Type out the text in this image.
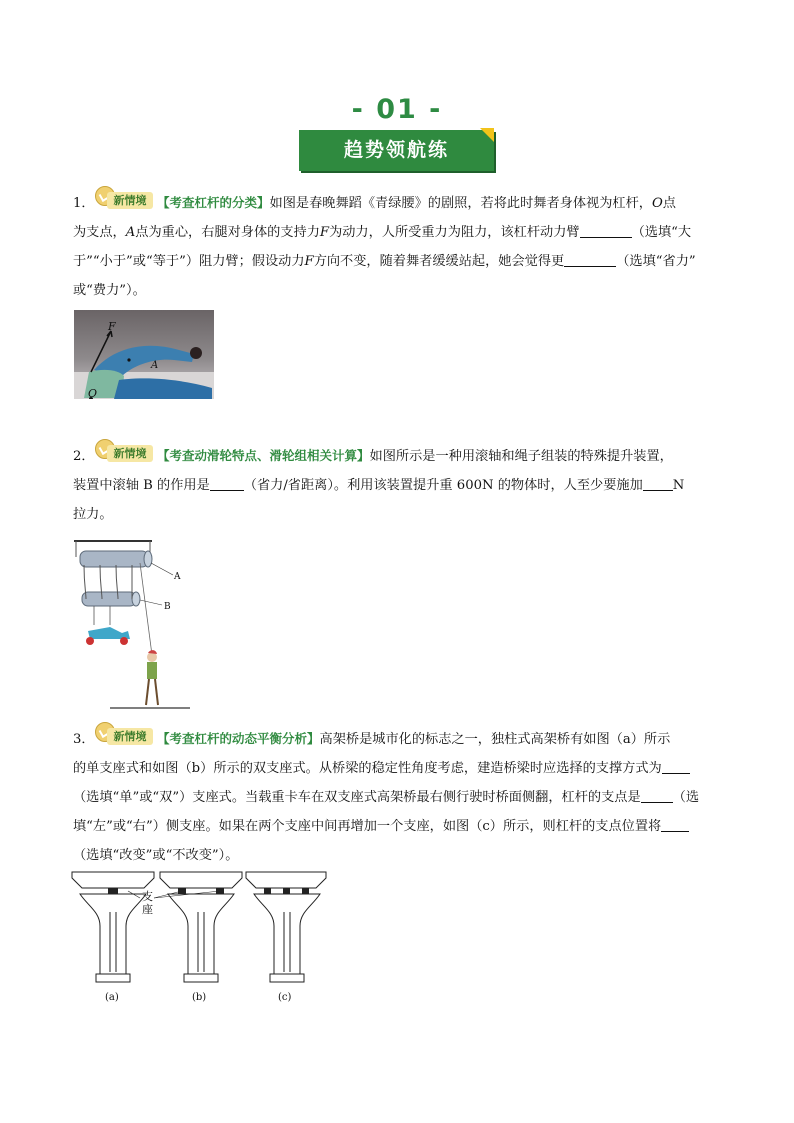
- 01 -
趋势领航练
1．	新情境 【考查杠杆的分类】如图是春晚舞蹈《青绿腰》的剧照，若将此时舞者身体视为杠杆，O点
为支点，A点为重心，右腿对身体的支持力F为动力，人所受重力为阻力，该杠杆动力臂	（选填“大
于”“小于”或“等于”）阻力臂；假设动力F方向不变，随着舞者缓缓站起，她会觉得更	（选填“省力”
或“费力”）。
F
A
O
2．	新情境 【考查动滑轮特点、滑轮组相关计算】如图所示是一种用滚轴和绳子组装的特殊提升装置，
装置中滚轴 B 的作用是	（省力/省距离）。利用该装置提升重 600N 的物体时，人至少要施加 N
拉力。
A
B
3．	新情境 【考查杠杆的动态平衡分析】高架桥是城市化的标志之一，独柱式高架桥有如图（a）所示
的单支座式和如图（b）所示的双支座式。从桥梁的稳定性角度考虑，建造桥梁时应选择的支撑方式为
（选填“单”或“双”）支座式。当载重卡车在双支座式高架桥最右侧行驶时桥面侧翻，杠杆的支点是 （选
填“左”或“右”）侧支座。如果在两个支座中间再增加一个支座，如图（c）所示，则杠杆的支点位置将
（选填“改变”或“不改变”）。
(a)	(b)
支
座
(c)
